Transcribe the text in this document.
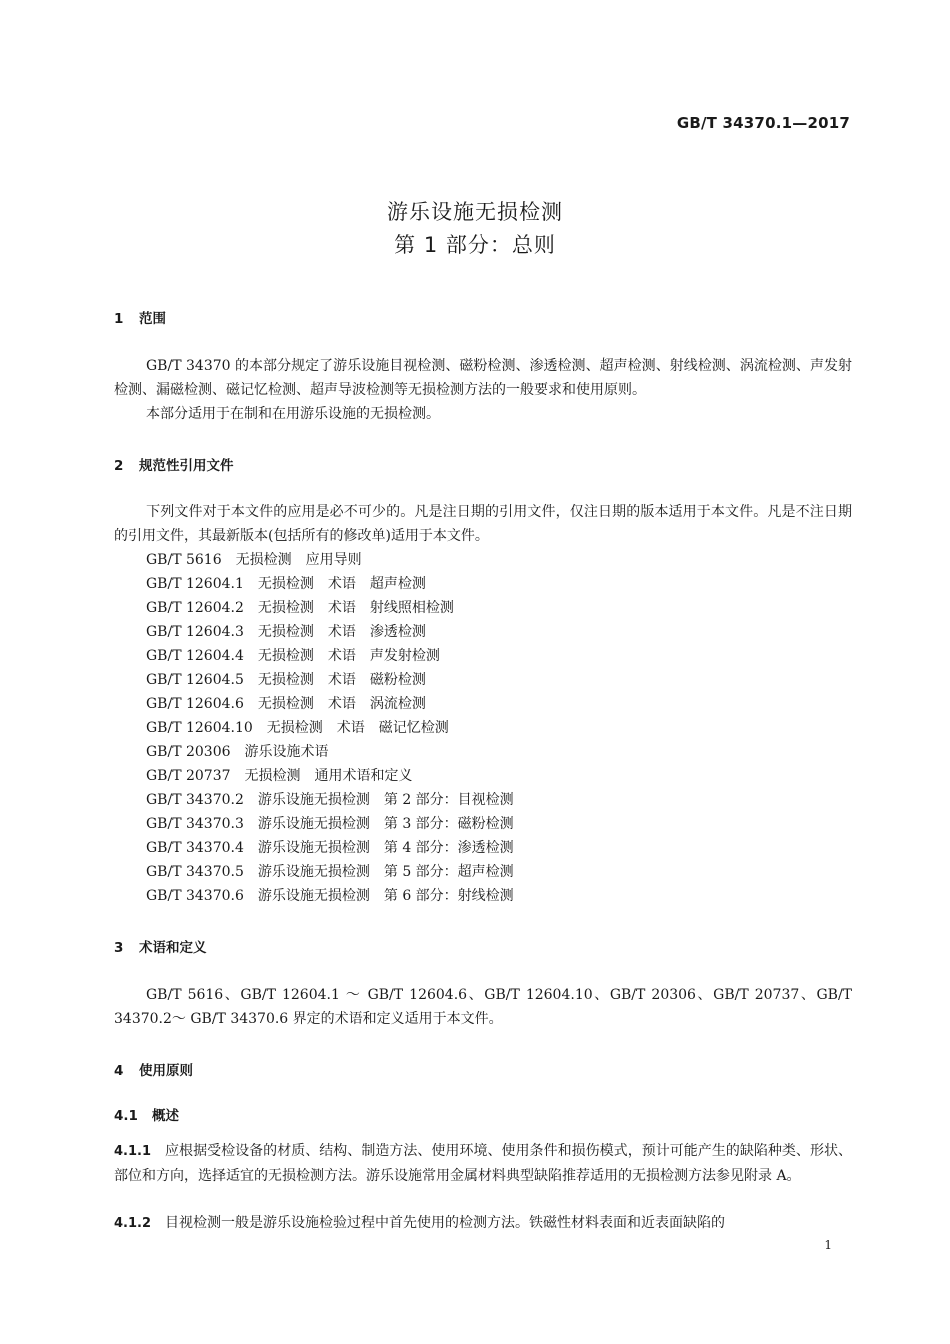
GB/T 34370.1—2017
游乐设施无损检测
第 1 部分：总则
1 范围

GB/T 34370 的本部分规定了游乐设施目视检测、磁粉检测、渗透检测、超声检测、射线检测、涡流检测、声发射检测、漏磁检测、磁记忆检测、超声导波检测等无损检测方法的一般要求和使用原则。

本部分适用于在制和在用游乐设施的无损检测。

2 规范性引用文件

下列文件对于本文件的应用是必不可少的。凡是注日期的引用文件，仅注日期的版本适用于本文件。凡是不注日期的引用文件，其最新版本(包括所有的修改单)适用于本文件。

GB/T 5616 无损检测 应用导则
GB/T 12604.1 无损检测 术语 超声检测
GB/T 12604.2 无损检测 术语 射线照相检测
GB/T 12604.3 无损检测 术语 渗透检测
GB/T 12604.4 无损检测 术语 声发射检测
GB/T 12604.5 无损检测 术语 磁粉检测
GB/T 12604.6 无损检测 术语 涡流检测
GB/T 12604.10 无损检测 术语 磁记忆检测
GB/T 20306 游乐设施术语
GB/T 20737 无损检测 通用术语和定义
GB/T 34370.2 游乐设施无损检测 第 2 部分：目视检测
GB/T 34370.3 游乐设施无损检测 第 3 部分：磁粉检测
GB/T 34370.4 游乐设施无损检测 第 4 部分：渗透检测
GB/T 34370.5 游乐设施无损检测 第 5 部分：超声检测
GB/T 34370.6 游乐设施无损检测 第 6 部分：射线检测
3 术语和定义

GB/T 5616、GB/T 12604.1 ～ GB/T 12604.6、GB/T 12604.10、GB/T 20306、GB/T 20737、GB/T 34370.2～ GB/T 34370.6 界定的术语和定义适用于本文件。

4 使用原则
4.1 概述

4.1.1 应根据受检设备的材质、结构、制造方法、使用环境、使用条件和损伤模式，预计可能产生的缺陷种类、形状、部位和方向，选择适宜的无损检测方法。游乐设施常用金属材料典型缺陷推荐适用的无损检测方法参见附录 A。

4.1.2 目视检测一般是游乐设施检验过程中首先使用的检测方法。铁磁性材料表面和近表面缺陷的

1
